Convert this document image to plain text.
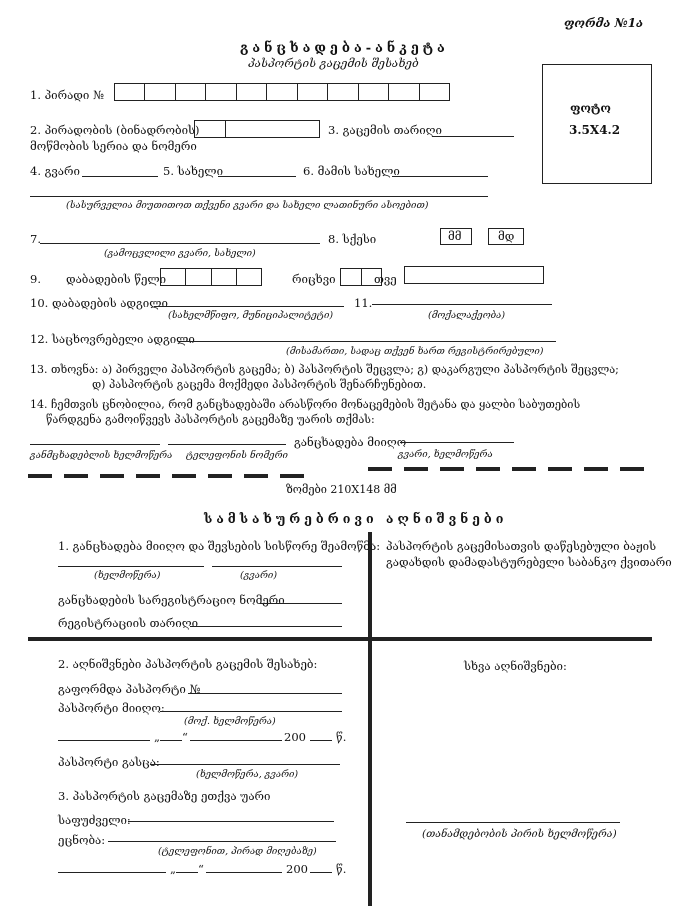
ფორმა №1ა
განცხადება-ანკეტა
პასპორტის გაცემის შესახებ
ფოტო
3.5X4.2
1. პირადი №
2. პირადობის (ბინადრობის)
მოწმობის სერია და ნომერი
3. გაცემის თარიღი
4. გვარი	5. სახელი	6. მამის სახელი
(სასურველია მიუთითოთ თქვენი გვარი და სახელი ლათინური ასოებით)
7.
(გამოცვლილი გვარი, სახელი)
8. სქესი	მმ	მდ
9. დაბადების წელი	რიცხვი	თვე
10. დაბადების ადგილი
(სახელმწიფო, მუნიციპალიტეტი)
11.
(მოქალაქეობა)
12. საცხოვრებელი ადგილი
(მისამართი, სადაც თქვენ ხართ რეგისტრირებული)
13. თხოვნა: ა) პირველი პასპორტის გაცემა; ბ) პასპორტის შეცვლა; გ) დაკარგული პასპორტის შეცვლა;
დ) პასპორტის გაცემა მოქმედი პასპორტის შენარჩუნებით.
14. ჩემთვის ცნობილია, რომ განცხადებაში არასწორი მონაცემების შეტანა და ყალბი საბუთების
წარდგენა გამოიწვევს პასპორტის გაცემაზე უარის თქმას:
განცხადება მიიღო
განმცხადებლის ხელმოწერა ტელეფონის ნომერი	გვარი, ხელმოწერა
ზომები 210X148 მმ
სამსახურებრივი აღნიშვნები
1. განცხადება მიიღო და შევსების სისწორე შეამოწმა:
(ხელმოწერა)	(გვარი)
განცხადების სარეგისტრაციო ნომერი
რეგისტრაციის თარიღი
პასპორტის გაცემისათვის დაწესებული ბაჟის
გადახდის დამადასტურებელი საბანკო ქვითარი
2. აღნიშვნები პასპორტის გაცემის შესახებ:
გაფორმდა პასპორტი №
პასპორტი მიიღო:
(მოქ. ხელმოწერა)
„ “	200	წ.
პასპორტი გასცა:
(ხელმოწერა, გვარი)
3. პასპორტის გაცემაზე ეთქვა უარი
საფუძველი:
ეცნობა:
(ტელეფონით, პირად მიღებაზე)
„ “	200 წ.
სხვა აღნიშვნები:
(თანამდებობის პირის ხელმოწერა)
